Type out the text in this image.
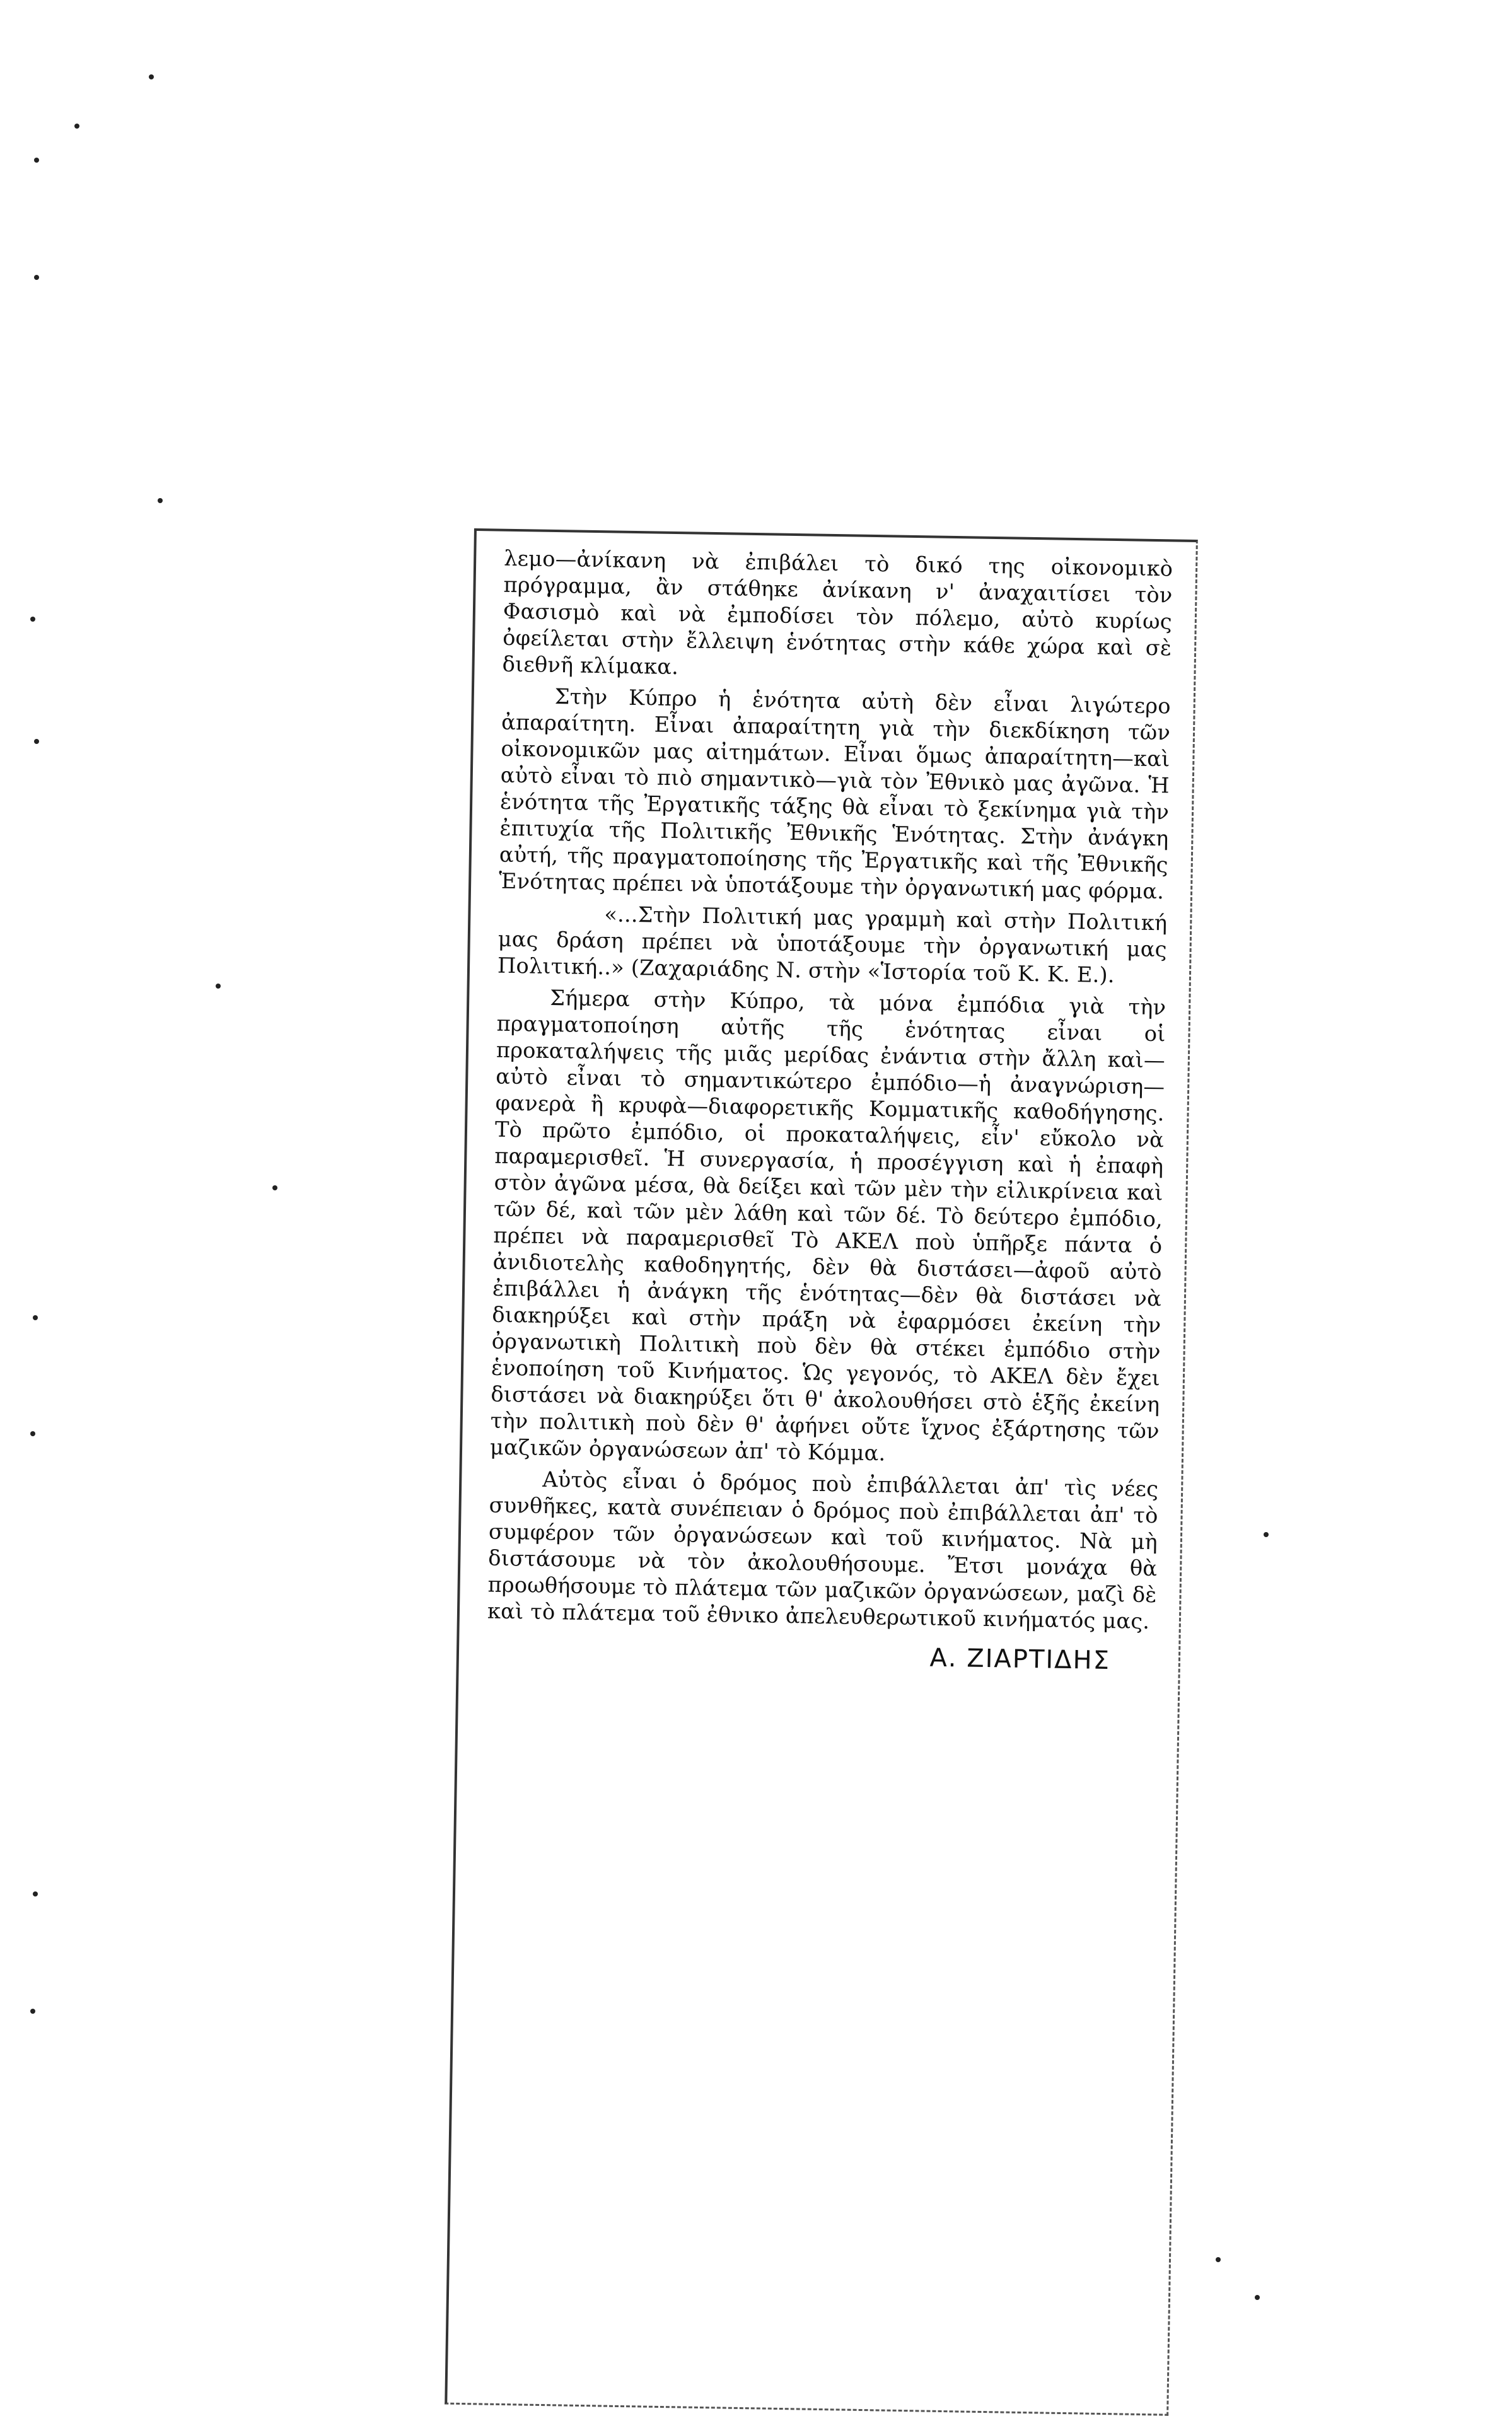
λεμο—ἀνίκανη νὰ ἐπιβάλει τὸ δικό της οἰκονομικὸ πρόγραμμα, ἂν στάθηκε ἀνίκανη ν' ἀναχαιτίσει τὸν Φασισμὸ καὶ νὰ ἐμποδίσει τὸν πόλεμο, αὐτὸ κυρίως ὀφείλεται στὴν ἔλλειψη ἑνότητας στὴν κάθε χώρα καὶ σὲ διεθνῆ κλίμακα.

Στὴν Κύπρο ἡ ἑνότητα αὐτὴ δὲν εἶναι λιγώτερο ἀπαραίτητη. Εἶναι ἀπαραίτητη γιὰ τὴν διεκδίκηση τῶν οἰκονομικῶν μας αἰτημάτων. Εἶναι ὅμως ἀπαραίτητη—καὶ αὐτὸ εἶναι τὸ πιὸ σημαντικὸ—γιὰ τὸν Ἐθνικὸ μας ἀγῶνα. Ἡ ἑνότητα τῆς Ἐργατικῆς τάξης θὰ εἶναι τὸ ξεκίνημα γιὰ τὴν ἐπιτυχία τῆς Πολιτικῆς Ἐθνικῆς Ἑνότητας. Στὴν ἀνάγκη αὐτή, τῆς πραγματοποίησης τῆς Ἐργατικῆς καὶ τῆς Ἐθνικῆς Ἑνότητας πρέπει νὰ ὑποτάξουμε τὴν ὀργανωτική μας φόρμα.

«...Στὴν Πολιτική μας γραμμὴ καὶ στὴν Πολιτική μας δράση πρέπει νὰ ὑποτάξουμε τὴν ὀργανωτική μας Πολιτική..» (Ζαχαριάδης Ν. στὴν «Ἱστορία τοῦ Κ. Κ. Ε.).

Σήμερα στὴν Κύπρο, τὰ μόνα ἐμπόδια γιὰ τὴν πραγματοποίηση αὐτῆς τῆς ἑνότητας εἶναι οἱ προκαταλήψεις τῆς μιᾶς μερίδας ἐνάντια στὴν ἄλλη καὶ—αὐτὸ εἶναι τὸ σημαντικώτερο ἐμπόδιο—ἡ ἀναγνώριση—φανερὰ ἢ κρυφὰ—διαφορετικῆς Κομματικῆς καθοδήγησης. Τὸ πρῶτο ἐμπόδιο, οἱ προκαταλήψεις, εἶν' εὔκολο νὰ παραμερισθεῖ. Ἡ συνεργασία, ἡ προσέγγιση καὶ ἡ ἐπαφὴ στὸν ἀγῶνα μέσα, θὰ δείξει καὶ τῶν μὲν τὴν εἰλικρίνεια καὶ τῶν δέ, καὶ τῶν μὲν λάθη καὶ τῶν δέ. Τὸ δεύτερο ἐμπόδιο, πρέπει νὰ παραμερισθεῖ Τὸ ΑΚΕΛ ποὺ ὑπῆρξε πάντα ὁ ἀνιδιοτελὴς καθοδηγητής, δὲν θὰ διστάσει—ἀφοῦ αὐτὸ ἐπιβάλλει ἡ ἀνάγκη τῆς ἑνότητας—δὲν θὰ διστάσει νὰ διακηρύξει καὶ στὴν πράξη νὰ ἐφαρμόσει ἐκείνη τὴν ὀργανωτικὴ Πολιτικὴ ποὺ δὲν θὰ στέκει ἐμπόδιο στὴν ἑνοποίηση τοῦ Κινήματος. Ὡς γεγονός, τὸ ΑΚΕΛ δὲν ἔχει διστάσει νὰ διακηρύξει ὅτι θ' ἀκολουθήσει στὸ ἑξῆς ἐκείνη τὴν πολιτικὴ ποὺ δὲν θ' ἀφήνει οὔτε ἴχνος ἐξάρτησης τῶν μαζικῶν ὀργανώσεων ἀπ' τὸ Κόμμα.

Αὐτὸς εἶναι ὁ δρόμος ποὺ ἐπιβάλλεται ἀπ' τὶς νέες συνθῆκες, κατὰ συνέπειαν ὁ δρόμος ποὺ ἐπιβάλλεται ἀπ' τὸ συμφέρον τῶν ὀργανώσεων καὶ τοῦ κινήματος. Νὰ μὴ διστάσουμε νὰ τὸν ἀκολουθήσουμε. Ἔτσι μονάχα θὰ προωθήσουμε τὸ πλάτεμα τῶν μαζικῶν ὀργανώσεων, μαζὶ δὲ καὶ τὸ πλάτεμα τοῦ ἐθνικο ἀπελευθερωτικοῦ κινήματός μας.

Α. ΖΙΑΡΤΙΔΗΣ
